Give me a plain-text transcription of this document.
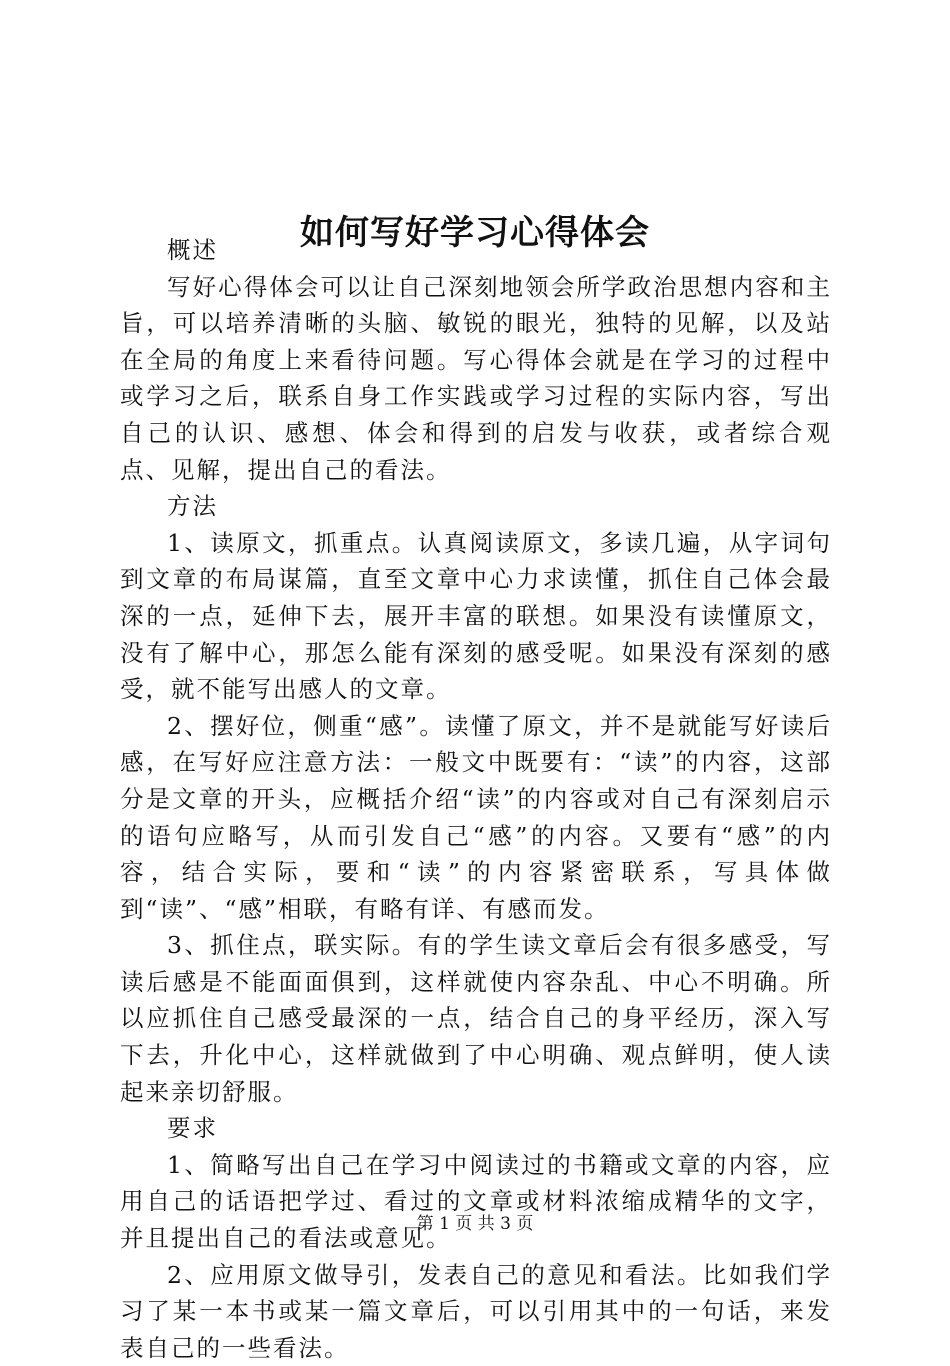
如何写好学习心得体会

概述

写好心得体会可以让自己深刻地领会所学政治思想内容和主旨，可以培养清晰的头脑、敏锐的眼光，独特的见解，以及站在全局的角度上来看待问题。写心得体会就是在学习的过程中或学习之后，联系自身工作实践或学习过程的实际内容，写出自己的认识、感想、体会和得到的启发与收获，或者综合观点、见解，提出自己的看法。

方法

1、读原文，抓重点。认真阅读原文，多读几遍，从字词句到文章的布局谋篇，直至文章中心力求读懂，抓住自己体会最深的一点，延伸下去，展开丰富的联想。如果没有读懂原文，没有了解中心，那怎么能有深刻的感受呢。如果没有深刻的感受，就不能写出感人的文章。

2、摆好位，侧重“感”。读懂了原文，并不是就能写好读后感，在写好应注意方法：一般文中既要有：“读”的内容，这部分是文章的开头，应概括介绍“读”的内容或对自己有深刻启示的语句应略写，从而引发自己“感”的内容。又要有“感”的内容，结合实际，要和“读”的内容紧密联系，写具体做到“读”、“感”相联，有略有详、有感而发。

3、抓住点，联实际。有的学生读文章后会有很多感受，写读后感是不能面面俱到，这样就使内容杂乱、中心不明确。所以应抓住自己感受最深的一点，结合自己的身平经历，深入写下去，升化中心，这样就做到了中心明确、观点鲜明，使人读起来亲切舒服。

要求

1、简略写出自己在学习中阅读过的书籍或文章的内容，应用自己的话语把学过、看过的文章或材料浓缩成精华的文字，并且提出自己的看法或意见。

2、应用原文做导引，发表自己的意见和看法。比如我们学习了某一本书或某一篇文章后，可以引用其中的一句话，来发表自己的一些看法。

第 1 页 共 3 页
